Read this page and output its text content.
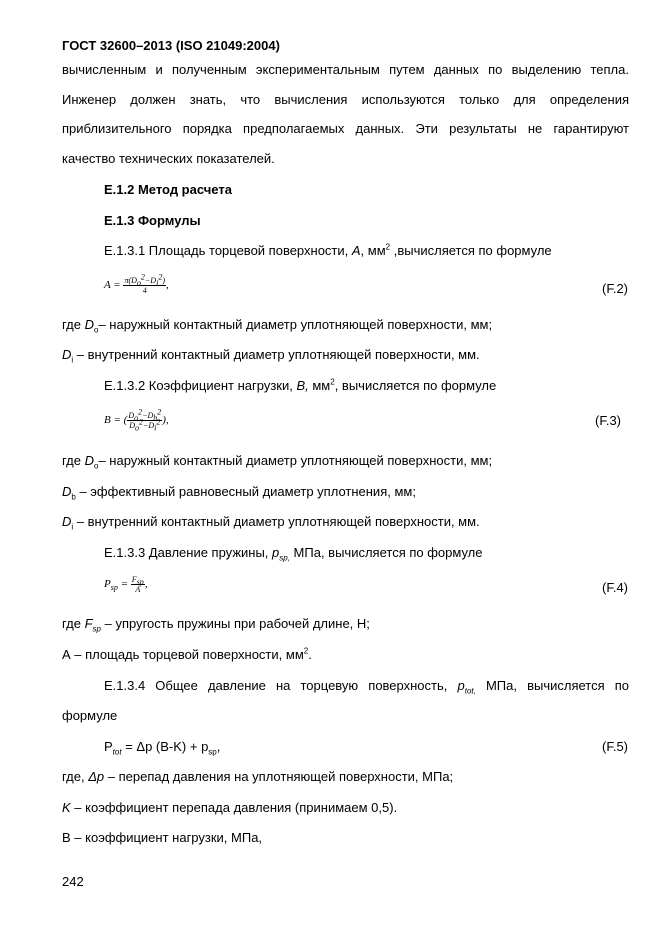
ГОСТ 32600–2013 (ISO 21049:2004)
вычисленным и полученным экспериментальным путем данных по выделению тепла.
Инженер должен знать, что вычисления используются только для определения
приблизительного порядка предполагаемых данных. Эти результаты не гарантируют
качество технических показателей.
Е.1.2 Метод расчета
Е.1.3 Формулы
Е.1.3.1 Площадь торцевой поверхности, A, $мм^2$ ,вычисляется по формуле
$A = \frac{\pi(D_o^2-D_i^2)}{4}$ ,	(F.2)
где $D_o-$ наружный контактный диаметр уплотняющей поверхности, мм;
$D_i$ – внутренний контактный диаметр уплотняющей поверхности, мм.
Е.1.3.2 Коэффициент нагрузки, B, $мм^2$, вычисляется по формуле
B = ( $\frac{D_o^2-D_b^2}{D_o^2-D_i^2}$ ),	(F.3)
где $D_o-$ наружный контактный диаметр уплотняющей поверхности, мм;
$D_b$ – эффективный равновесный диаметр уплотнения, мм;
$D_i$ – внутренний контактный диаметр уплотняющей поверхности, мм.
Е.1.3.3 Давление пружины, $p_{sp,}$ МПа, вычисляется по формуле
$P_{sp} = \frac{F_{sp}}{A}$ ,	(F.4)
где $F_{sp}$ – упругость пружины при рабочей длине, Н;
А – площадь торцевой поверхности, $мм^2$.
Е.1.3.4 Общее давление на торцевую поверхность, $p_{tot,}$ МПа, вычисляется по
формуле
$P_{tot} = \Delta p$ $(B-K) + p_{sp}$,	(F.5)
где, Δp – перепад давления на уплотняющей поверхности, МПа;
K – коэффициент перепада давления (принимаем 0,5).
В – коэффициент нагрузки, МПа,
242
